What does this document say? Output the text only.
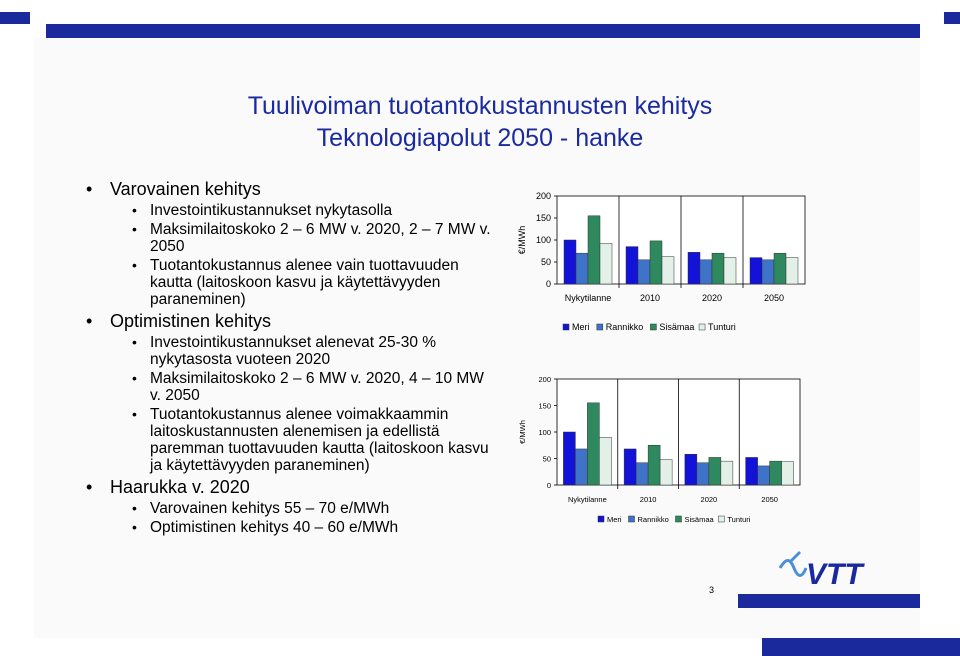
Tuulivoiman tuotantokustannusten kehitys
Teknologiapolut 2050 - hanke
• Varovainen kehitys
• Investointikustannukset nykytasolla
• Maksimilaitoskoko 2 – 6 MW v. 2020, 2 – 7 MW v. 2050
• Tuotantokustannus alenee vain tuottavuuden kautta (laitoskoon kasvu ja käytettävyyden paraneminen)
• Optimistinen kehitys
• Investointikustannukset alenevat 25-30 % nykytasosta vuoteen 2020
• Maksimilaitoskoko 2 – 6 MW v. 2020, 4 – 10 MW v. 2050
• Tuotantokustannus alenee voimakkaammin laitoskustannusten alenemisen ja edellistä paremman tuottavuuden kautta (laitoskoon kasvu ja käytettävyyden paraneminen)
• Haarukka v. 2020
• Varovainen kehitys 55 – 70 e/MWh
• Optimistinen kehitys 40 – 60 e/MWh
0
50
100
150
200
€/MWh
Nykytilanne	2010	2020	2050
Meri Rannikko Sisämaa Tunturi
0
50
100
150
200
€/MWh
Nykytilanne	2010	2020	2050
Meri Rannikko Sisämaa Tunturi
3	VTT
